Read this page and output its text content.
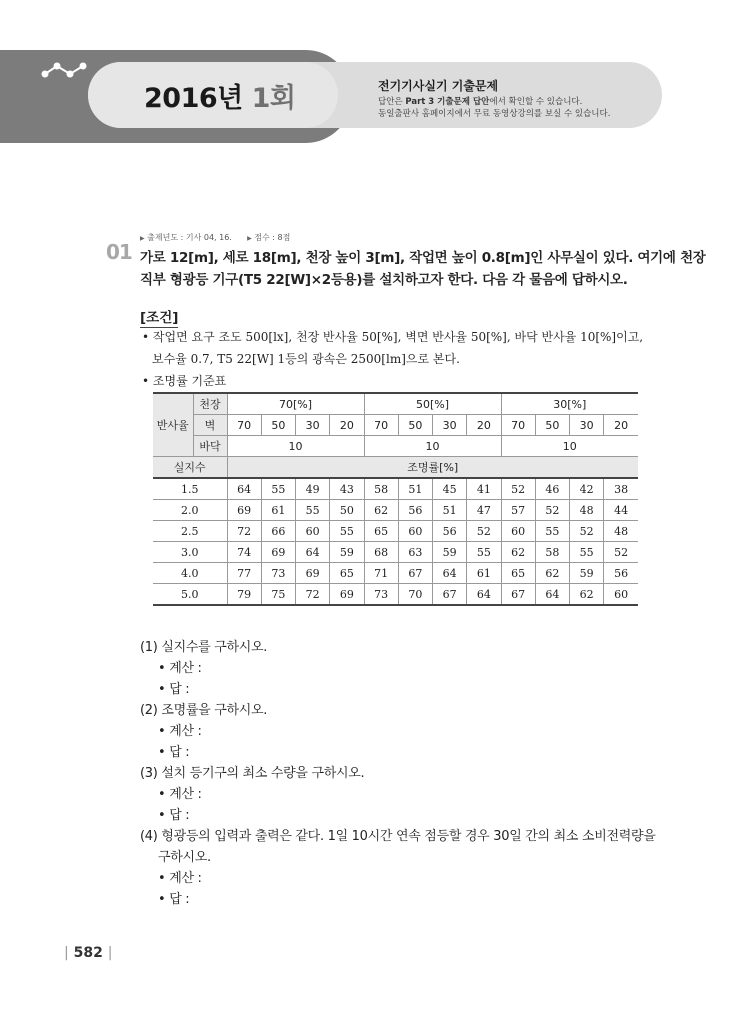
2016년 1회	전기기사실기 기출문제
답안은 Part 3 기출문제 답안에서 확인할 수 있습니다.
동일출판사 홈페이지에서 무료 동영상강의를 보실 수 있습니다.
▶ 출제년도 : 기사 04, 16.	▶ 점수 : 8점
01 가로 12[m], 세로 18[m], 천장 높이 3[m], 작업면 높이 0.8[m]인 사무실이 있다. 여기에 천장
직부 형광등 기구(T5 22[W]×2등용)를 설치하고자 한다. 다음 각 물음에 답하시오.
[조건]
• 작업면 요구 조도 500[lx], 천장 반사율 50[%], 벽면 반사율 50[%], 바닥 반사율 10[%]이고,
보수율 0.7, T5 22[W] 1등의 광속은 2500[lm]으로 본다.
• 조명률 기준표
반사율	천장	70[%]				50[%]				30[%]			
	벽	70	50	30	20	70	50	30	20	70	50	30	20
	바닥	10				10				10			
실지수		조명률[%]											
1.5		64	55	49	43	58	51	45	41	52	46	42	38
2.0		69	61	55	50	62	56	51	47	57	52	48	44
2.5		72	66	60	55	65	60	56	52	60	55	52	48
3.0		74	69	64	59	68	63	59	55	62	58	55	52
4.0		77	73	69	65	71	67	64	61	65	62	59	56
5.0		79	75	72	69	73	70	67	64	67	64	62	60
(1) 실지수를 구하시오.
• 계산 :
• 답 :
(2) 조명률을 구하시오.
• 계산 :
• 답 :
(3) 설치 등기구의 최소 수량을 구하시오.
• 계산 :
• 답 :
(4) 형광등의 입력과 출력은 같다. 1일 10시간 연속 점등할 경우 30일 간의 최소 소비전력량을
구하시오.
• 계산 :
• 답 :
| 582 |
